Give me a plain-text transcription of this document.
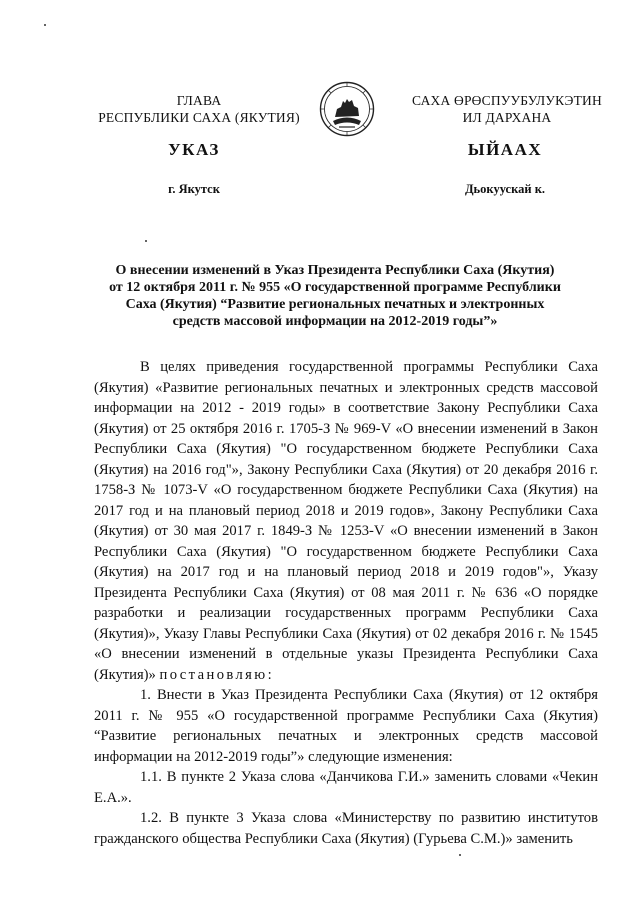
ГЛАВА
РЕСПУБЛИКИ САХА (ЯКУТИЯ)
САХА ӨРӨСПУУБУЛУКЭТИН
ИЛ ДАРХАНА
УКАЗ	ЫЙААХ
г. Якутск	Дьокуускай к.
О внесении изменений в Указ Президента Республики Саха (Якутия)
от 12 октября 2011 г. № 955 «О государственной программе Республики
Саха (Якутия) “Развитие региональных печатных и электронных
средств массовой информации на 2012-2019 годы”»

В целях приведения государственной программы Республики Саха (Якутия) «Развитие региональных печатных и электронных средств массовой информации на 2012 - 2019 годы» в соответствие Закону Республики Саха (Якутия) от 25 октября 2016 г. 1705-З № 969-V «О внесении изменений в Закон Республики Саха (Якутия) "О государственном бюджете Республики Саха (Якутия) на 2016 год"», Закону Республики Саха (Якутия) от 20 декабря 2016 г. 1758-З № 1073-V «О государственном бюджете Республики Саха (Якутия) на 2017 год и на плановый период 2018 и 2019 годов», Закону Республики Саха (Якутия) от 30 мая 2017 г. 1849-З № 1253-V «О внесении изменений в Закон Республики Саха (Якутия) "О государственном бюджете Республики Саха (Якутия) на 2017 год и на плановый период 2018 и 2019 годов"», Указу Президента Республики Саха (Якутия) от 08 мая 2011 г. № 636 «О порядке разработки и реализации государственных программ Республики Саха (Якутия)», Указу Главы Республики Саха (Якутия) от 02 декабря 2016 г. № 1545 «О внесении изменений в отдельные указы Президента Республики Саха (Якутия)» постановляю:

1. Внести в Указ Президента Республики Саха (Якутия) от 12 октября 2011 г. № 955 «О государственной программе Республики Саха (Якутия) “Развитие региональных печатных и электронных средств массовой информации на 2012-2019 годы”» следующие изменения:

1.1. В пункте 2 Указа слова «Данчикова Г.И.» заменить словами «Чекин Е.А.».

1.2. В пункте 3 Указа слова «Министерству по развитию институтов гражданского общества Республики Саха (Якутия) (Гурьева С.М.)» заменить
